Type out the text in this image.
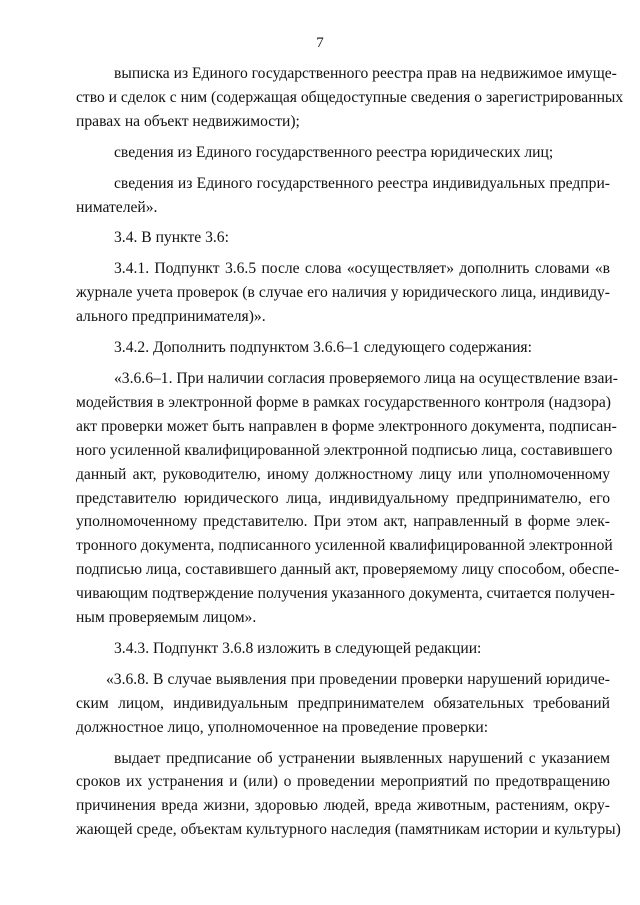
7
выписка из Единого государственного реестра прав на недвижимое имуще-
ство и сделок с ним (содержащая общедоступные сведения о зарегистрированных
правах на объект недвижимости);
сведения из Единого государственного реестра юридических лиц;
сведения из Единого государственного реестра индивидуальных предпри-
нимателей».
3.4. В пункте 3.6:
3.4.1. Подпункт 3.6.5 после слова «осуществляет» дополнить словами «в
журнале учета проверок (в случае его наличия у юридического лица, индивиду-
ального предпринимателя)».
3.4.2. Дополнить подпунктом 3.6.6–1 следующего содержания:
«3.6.6–1. При наличии согласия проверяемого лица на осуществление взаи-
модействия в электронной форме в рамках государственного контроля (надзора)
акт проверки может быть направлен в форме электронного документа, подписан-
ного усиленной квалифицированной электронной подписью лица, составившего
данный акт, руководителю, иному должностному лицу или уполномоченному
представителю юридического лица, индивидуальному предпринимателю, его
уполномоченному представителю. При этом акт, направленный в форме элек-
тронного документа, подписанного усиленной квалифицированной электронной
подписью лица, составившего данный акт, проверяемому лицу способом, обеспе-
чивающим подтверждение получения указанного документа, считается получен-
ным проверяемым лицом».
3.4.3. Подпункт 3.6.8 изложить в следующей редакции:
«3.6.8. В случае выявления при проведении проверки нарушений юридиче-
ским лицом, индивидуальным предпринимателем обязательных требований
должностное лицо, уполномоченное на проведение проверки:
выдает предписание об устранении выявленных нарушений с указанием
сроков их устранения и (или) о проведении мероприятий по предотвращению
причинения вреда жизни, здоровью людей, вреда животным, растениям, окру-
жающей среде, объектам культурного наследия (памятникам истории и культуры)
